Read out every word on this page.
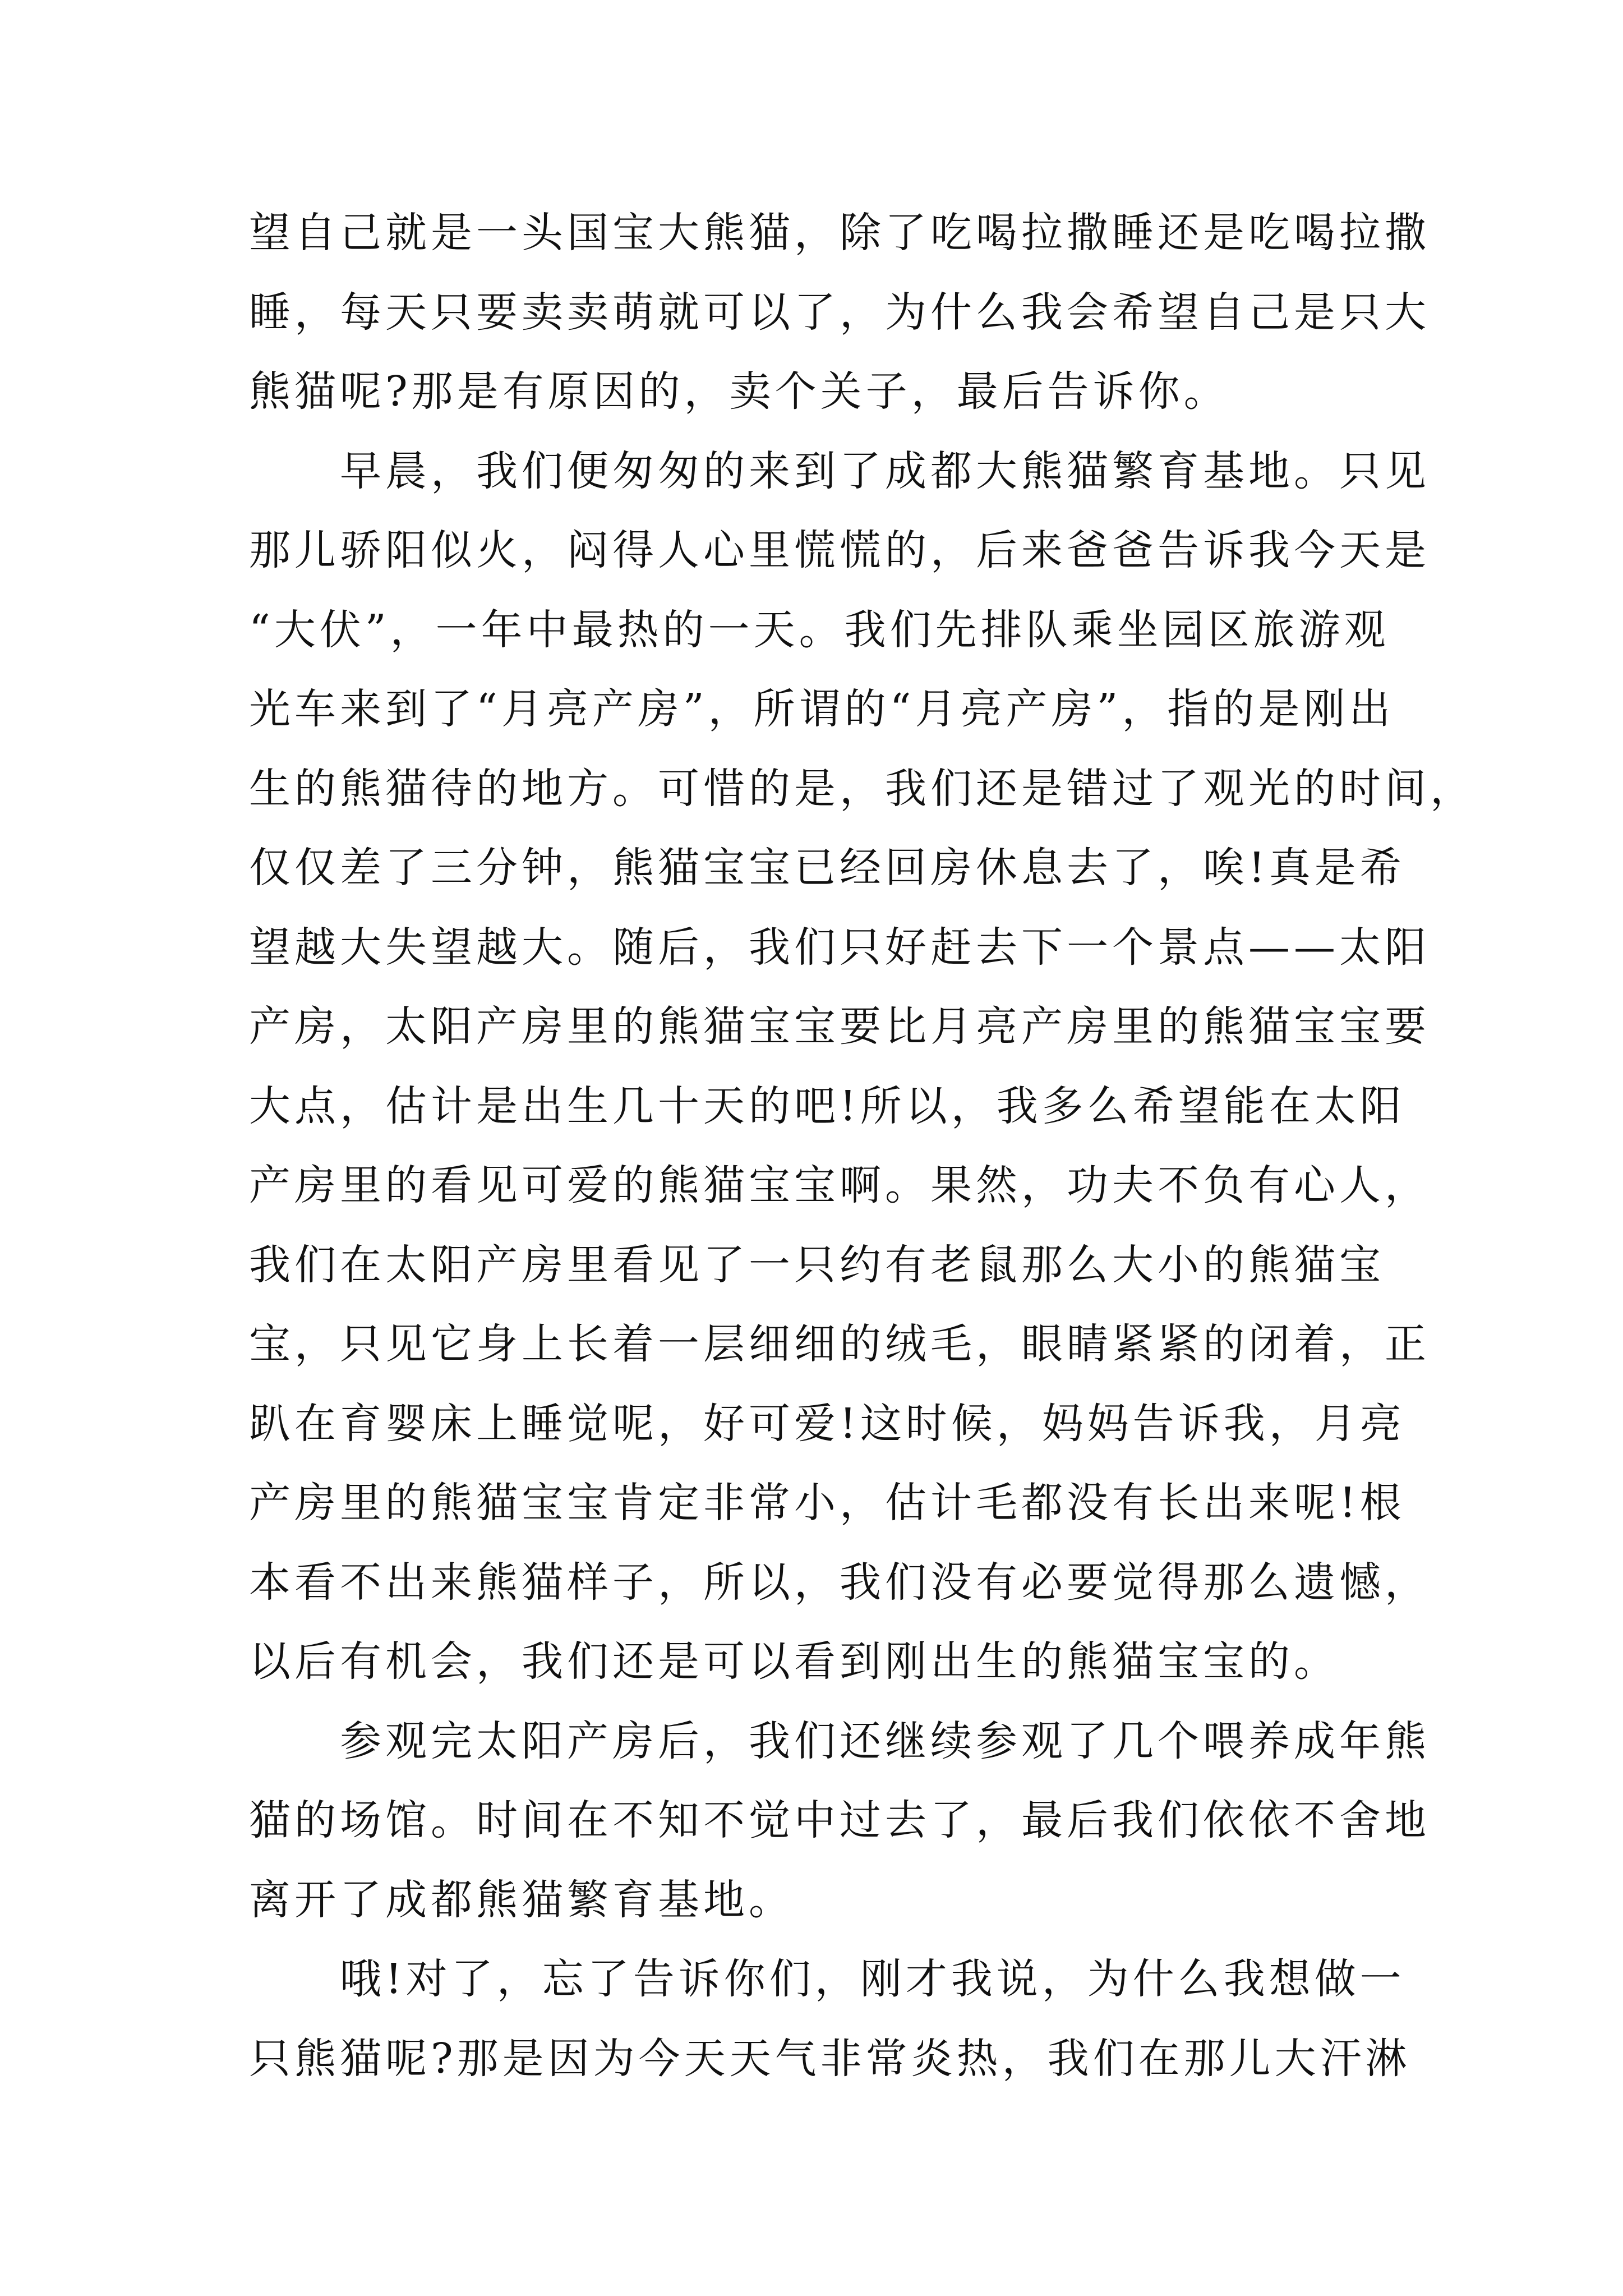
望自己就是一头国宝大熊猫，除了吃喝拉撒睡还是吃喝拉撒
睡，每天只要卖卖萌就可以了，为什么我会希望自己是只大
熊猫呢?那是有原因的，卖个关子，最后告诉你。

早晨，我们便匆匆的来到了成都大熊猫繁育基地。只见
那儿骄阳似火，闷得人心里慌慌的，后来爸爸告诉我今天是
“大伏”，一年中最热的一天。我们先排队乘坐园区旅游观
光车来到了“月亮产房”，所谓的“月亮产房”，指的是刚出
生的熊猫待的地方。可惜的是，我们还是错过了观光的时间，
仅仅差了三分钟，熊猫宝宝已经回房休息去了，唉!真是希
望越大失望越大。随后，我们只好赶去下一个景点——太阳
产房，太阳产房里的熊猫宝宝要比月亮产房里的熊猫宝宝要
大点，估计是出生几十天的吧!所以，我多么希望能在太阳
产房里的看见可爱的熊猫宝宝啊。果然，功夫不负有心人，
我们在太阳产房里看见了一只约有老鼠那么大小的熊猫宝
宝，只见它身上长着一层细细的绒毛，眼睛紧紧的闭着，正
趴在育婴床上睡觉呢，好可爱!这时候，妈妈告诉我，月亮
产房里的熊猫宝宝肯定非常小，估计毛都没有长出来呢!根
本看不出来熊猫样子，所以，我们没有必要觉得那么遗憾，
以后有机会，我们还是可以看到刚出生的熊猫宝宝的。

参观完太阳产房后，我们还继续参观了几个喂养成年熊
猫的场馆。时间在不知不觉中过去了，最后我们依依不舍地
离开了成都熊猫繁育基地。

哦!对了，忘了告诉你们，刚才我说，为什么我想做一
只熊猫呢?那是因为今天天气非常炎热，我们在那儿大汗淋
